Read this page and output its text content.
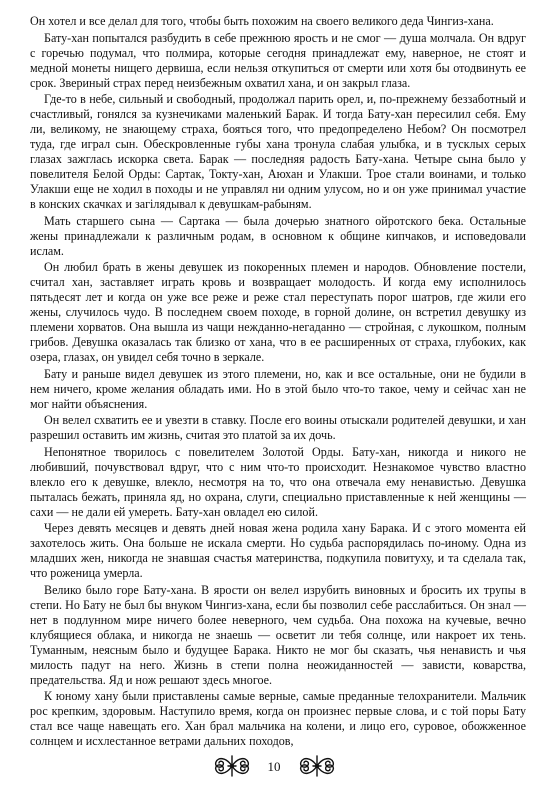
Он хотел и все делал для того, чтобы быть похожим на своего великого деда Чингиз-хана.

Бату-хан попытался разбудить в себе прежнюю ярость и не смог — душа молчала. Он вдруг с горечью подумал, что полмира, которые сегодня принадлежат ему, наверное, не стоят и медной монеты нищего дервиша, если нельзя откупиться от смерти или хотя бы отодвинуть ее срок. Звериный страх перед неизбежным охватил хана, и он закрыл глаза.

Где-то в небе, сильный и свободный, продолжал парить орел, и, по-прежнему беззаботный и счастливый, гонялся за кузнечиками маленький Барак. И тогда Бату-хан пересилил себя. Ему ли, великому, не знающему страха, бояться того, что предопределено Небом? Он посмотрел туда, где играл сын. Обескровленные губы хана тронула слабая улыбка, и в тусклых серых глазах зажглась искорка света. Барак — последняя радость Бату-хана. Четыре сына было у повелителя Белой Орды: Сартак, Токту-хан, Аюхан и Улакши. Трое стали воинами, и только Улакши еще не ходил в походы и не управлял ни одним улусом, но и он уже принимал участие в конских скачках и загілядывал к девушкам-рабыням.

Мать старшего сына — Сартака — была дочерью знатного ойротского бека. Остальные жены принадлежали к различным родам, в основном к общине кипчаков, и исповедовали ислам.

Он любил брать в жены девушек из покоренных племен и народов. Обновление постели, считал хан, заставляет играть кровь и возвращает молодость. И когда ему исполнилось пятьдесят лет и когда он уже все реже и реже стал переступать порог шатров, где жили его жены, случилось чудо. В последнем своем походе, в горной долине, он встретил девушку из племени хорватов. Она вышла из чащи нежданно-негаданно — стройная, с лукошком, полным грибов. Девушка оказалась так близко от хана, что в ее расширенных от страха, глубоких, как озера, глазах, он увидел себя точно в зеркале.

Бату и раньше видел девушек из этого племени, но, как и все остальные, они не будили в нем ничего, кроме желания обладать ими. Но в этой было что-то такое, чему и сейчас хан не мог найти объяснения.

Он велел схватить ее и увезти в ставку. После его воины отыскали родителей девушки, и хан разрешил оставить им жизнь, считая это платой за их дочь.

Непонятное творилось с повелителем Золотой Орды. Бату-хан, никогда и никого не любивший, почувствовал вдруг, что с ним что-то происходит. Незнакомое чувство властно влекло его к девушке, влекло, несмотря на то, что она отвечала ему ненавистью. Девушка пыталась бежать, приняла яд, но охрана, слуги, специально приставленные к ней женщины — сахи — не дали ей умереть. Бату-хан овладел ею силой.

Через девять месяцев и девять дней новая жена родила хану Барака. И с этого момента ей захотелось жить. Она больше не искала смерти. Но судьба распорядилась по-иному. Одна из младших жен, никогда не знавшая счастья материнства, подкупила повитуху, и та сделала так, что роженица умерла.

Велико было горе Бату-хана. В ярости он велел изрубить виновных и бросить их трупы в степи. Но Бату не был бы внуком Чингиз-хана, если бы позволил себе расслабиться. Он знал — нет в подлунном мире ничего более неверного, чем судьба. Она похожа на кучевые, вечно клубящиеся облака, и никогда не знаешь — осветит ли тебя солнце, или накроет их тень. Туманным, неясным было и будущее Барака. Никто не мог бы сказать, чья ненависть и чья милость падут на него. Жизнь в степи полна неожиданностей — зависти, коварства, предательства. Яд и нож решают здесь многое.

К юному хану были приставлены самые верные, самые преданные телохранители. Мальчик рос крепким, здоровым. Наступило время, когда он произнес первые слова, и с той поры Бату стал все чаще навещать его. Хан брал мальчика на колени, и лицо его, суровое, обожженное солнцем и исхлестанное ветрами дальних походов,

10
